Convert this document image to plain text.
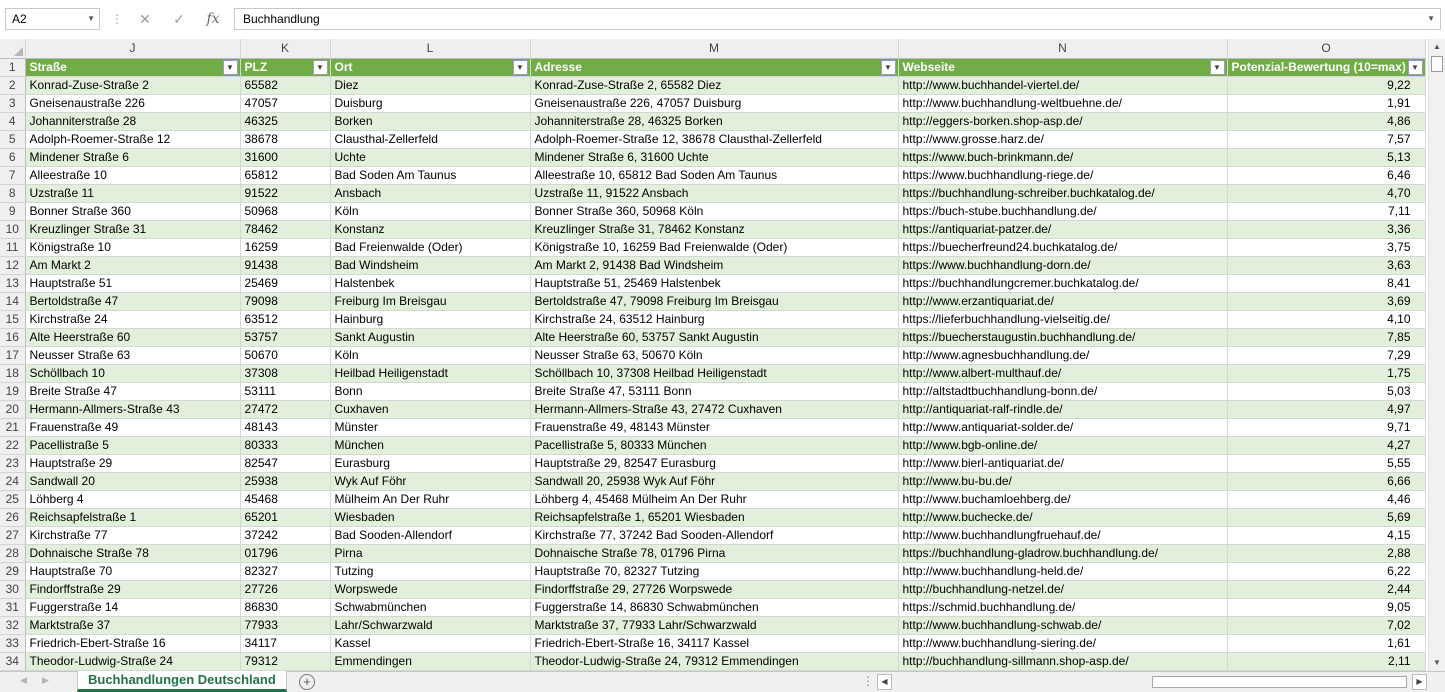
A2	▼ ⋮	✕	✓	fx	Buchhandlung	▼
	J	K	L	M	N	O
1	Straße ▼	PLZ ▼	Ort ▼	Adresse ▼	Webseite ▼	Potenzial-Bewertung (10=max) ▼

2	Konrad-Zuse-Straße 2	65582	Diez	Konrad-Zuse-Straße 2, 65582 Diez	http://www.buchhandel-viertel.de/	9,22
3	Gneisenaustraße 226	47057	Duisburg	Gneisenaustraße 226, 47057 Duisburg	http://www.buchhandlung-weltbuehne.de/	1,91
4	Johanniterstraße 28	46325	Borken	Johanniterstraße 28, 46325 Borken	http://eggers-borken.shop-asp.de/	4,86
5	Adolph-Roemer-Straße 12	38678	Clausthal-Zellerfeld	Adolph-Roemer-Straße 12, 38678 Clausthal-Zellerfeld	http://www.grosse.harz.de/	7,57
6	Mindener Straße 6	31600	Uchte	Mindener Straße 6, 31600 Uchte	https://www.buch-brinkmann.de/	5,13
7	Alleestraße 10	65812	Bad Soden Am Taunus	Alleestraße 10, 65812 Bad Soden Am Taunus	https://www.buchhandlung-riege.de/	6,46
8	Uzstraße 11	91522	Ansbach	Uzstraße 11, 91522 Ansbach	https://buchhandlung-schreiber.buchkatalog.de/	4,70
9	Bonner Straße 360	50968	Köln	Bonner Straße 360, 50968 Köln	https://buch-stube.buchhandlung.de/	7,11
10	Kreuzlinger Straße 31	78462	Konstanz	Kreuzlinger Straße 31, 78462 Konstanz	https://antiquariat-patzer.de/	3,36
11	Königstraße 10	16259	Bad Freienwalde (Oder)	Königstraße 10, 16259 Bad Freienwalde (Oder)	https://buecherfreund24.buchkatalog.de/	3,75
12	Am Markt 2	91438	Bad Windsheim	Am Markt 2, 91438 Bad Windsheim	https://www.buchhandlung-dorn.de/	3,63
13	Hauptstraße 51	25469	Halstenbek	Hauptstraße 51, 25469 Halstenbek	https://buchhandlungcremer.buchkatalog.de/	8,41
14	Bertoldstraße 47	79098	Freiburg Im Breisgau	Bertoldstraße 47, 79098 Freiburg Im Breisgau	http://www.erzantiquariat.de/	3,69
15	Kirchstraße 24	63512	Hainburg	Kirchstraße 24, 63512 Hainburg	https://lieferbuchhandlung-vielseitig.de/	4,10
16	Alte Heerstraße 60	53757	Sankt Augustin	Alte Heerstraße 60, 53757 Sankt Augustin	https://buecherstaugustin.buchhandlung.de/	7,85
17	Neusser Straße 63	50670	Köln	Neusser Straße 63, 50670 Köln	http://www.agnesbuchhandlung.de/	7,29
18	Schöllbach 10	37308	Heilbad Heiligenstadt	Schöllbach 10, 37308 Heilbad Heiligenstadt	http://www.albert-multhauf.de/	1,75
19	Breite Straße 47	53111	Bonn	Breite Straße 47, 53111 Bonn	http://altstadtbuchhandlung-bonn.de/	5,03
20	Hermann-Allmers-Straße 43	27472	Cuxhaven	Hermann-Allmers-Straße 43, 27472 Cuxhaven	http://antiquariat-ralf-rindle.de/	4,97
21	Frauenstraße 49	48143	Münster	Frauenstraße 49, 48143 Münster	http://www.antiquariat-solder.de/	9,71
22	Pacellistraße 5	80333	München	Pacellistraße 5, 80333 München	http://www.bgb-online.de/	4,27
23	Hauptstraße 29	82547	Eurasburg	Hauptstraße 29, 82547 Eurasburg	http://www.bierl-antiquariat.de/	5,55
24	Sandwall 20	25938	Wyk Auf Föhr	Sandwall 20, 25938 Wyk Auf Föhr	http://www.bu-bu.de/	6,66
25	Löhberg 4	45468	Mülheim An Der Ruhr	Löhberg 4, 45468 Mülheim An Der Ruhr	http://www.buchamloehberg.de/	4,46
26	Reichsapfelstraße 1	65201	Wiesbaden	Reichsapfelstraße 1, 65201 Wiesbaden	http://www.buchecke.de/	5,69
27	Kirchstraße 77	37242	Bad Sooden-Allendorf	Kirchstraße 77, 37242 Bad Sooden-Allendorf	http://www.buchhandlungfruehauf.de/	4,15
28	Dohnaische Straße 78	01796	Pirna	Dohnaische Straße 78, 01796 Pirna	https://buchhandlung-gladrow.buchhandlung.de/	2,88
29	Hauptstraße 70	82327	Tutzing	Hauptstraße 70, 82327 Tutzing	http://www.buchhandlung-held.de/	6,22
30	Findorffstraße 29	27726	Worpswede	Findorffstraße 29, 27726 Worpswede	http://buchhandlung-netzel.de/	2,44
31	Fuggerstraße 14	86830	Schwabmünchen	Fuggerstraße 14, 86830 Schwabmünchen	https://schmid.buchhandlung.de/	9,05
32	Marktstraße 37	77933	Lahr/Schwarzwald	Marktstraße 37, 77933 Lahr/Schwarzwald	http://www.buchhandlung-schwab.de/	7,02
33	Friedrich-Ebert-Straße 16	34117	Kassel	Friedrich-Ebert-Straße 16, 34117 Kassel	http://www.buchhandlung-siering.de/	1,61
34	Theodor-Ludwig-Straße 24	79312	Emmendingen	Theodor-Ludwig-Straße 24, 79312 Emmendingen	http://buchhandlung-sillmann.shop-asp.de/	2,11
▲
▼
◀ ▶	Buchhandlungen Deutschland	+	⋮ ◀	▶
